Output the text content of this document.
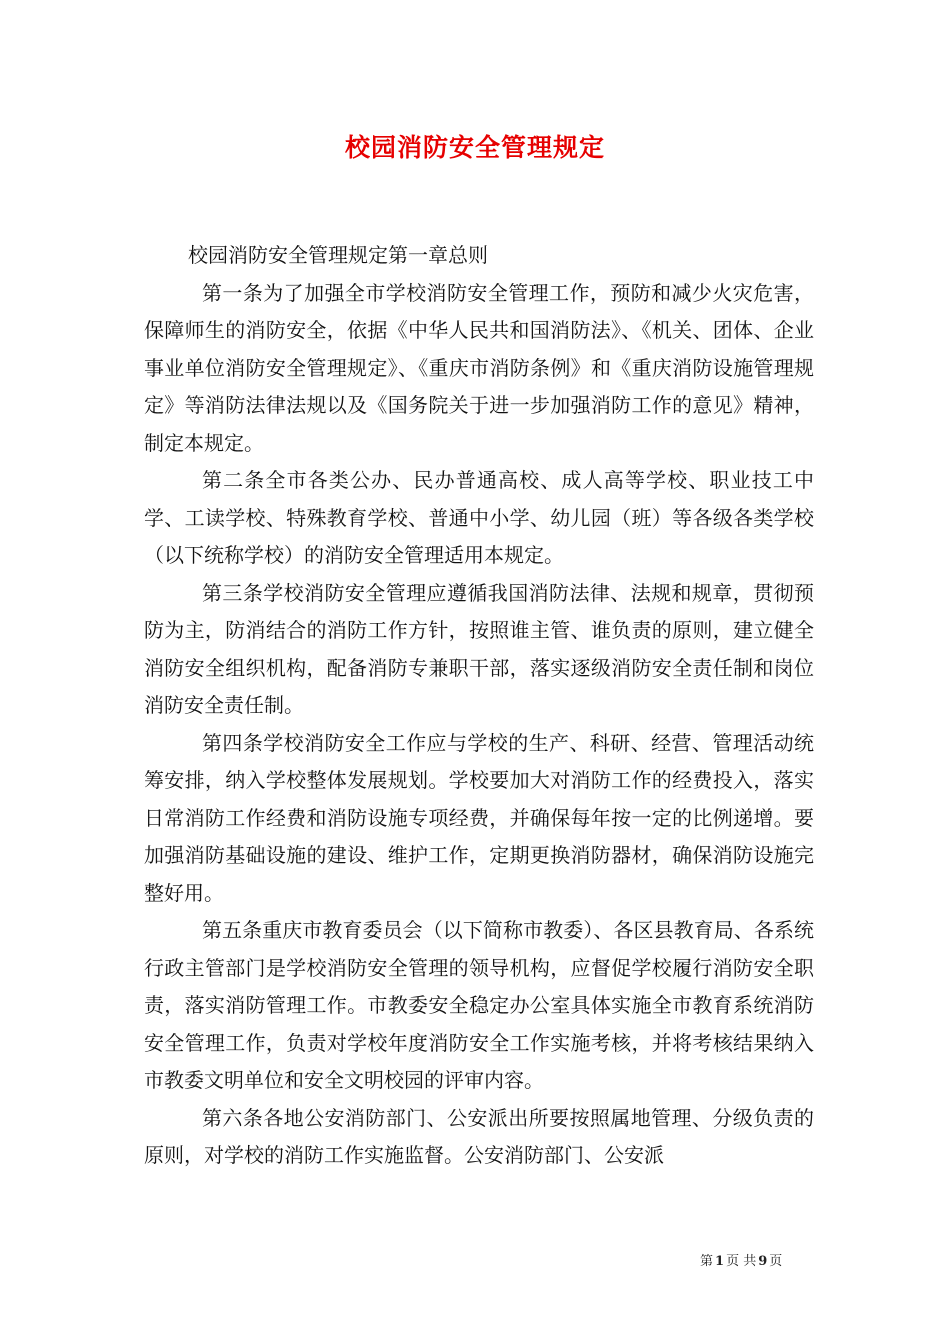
校园消防安全管理规定

校园消防安全管理规定第一章总则

第一条为了加强全市学校消防安全管理工作，预防和减少火灾危害，保障师生的消防安全，依据《中华人民共和国消防法》、《机关、团体、企业事业单位消防安全管理规定》、《重庆市消防条例》和《重庆消防设施管理规定》等消防法律法规以及《国务院关于进一步加强消防工作的意见》精神，制定本规定。

第二条全市各类公办、民办普通高校、成人高等学校、职业技工中学、工读学校、特殊教育学校、普通中小学、幼儿园（班）等各级各类学校（以下统称学校）的消防安全管理适用本规定。

第三条学校消防安全管理应遵循我国消防法律、法规和规章，贯彻预防为主，防消结合的消防工作方针，按照谁主管、谁负责的原则，建立健全消防安全组织机构，配备消防专兼职干部，落实逐级消防安全责任制和岗位消防安全责任制。

第四条学校消防安全工作应与学校的生产、科研、经营、管理活动统筹安排，纳入学校整体发展规划。学校要加大对消防工作的经费投入，落实日常消防工作经费和消防设施专项经费，并确保每年按一定的比例递增。要加强消防基础设施的建设、维护工作，定期更换消防器材，确保消防设施完整好用。

第五条重庆市教育委员会（以下简称市教委）、各区县教育局、各系统行政主管部门是学校消防安全管理的领导机构，应督促学校履行消防安全职责，落实消防管理工作。市教委安全稳定办公室具体实施全市教育系统消防安全管理工作，负责对学校年度消防安全工作实施考核，并将考核结果纳入市教委文明单位和安全文明校园的评审内容。

第六条各地公安消防部门、公安派出所要按照属地管理、分级负责的原则，对学校的消防工作实施监督。公安消防部门、公安派

第 1 页 共 9 页
